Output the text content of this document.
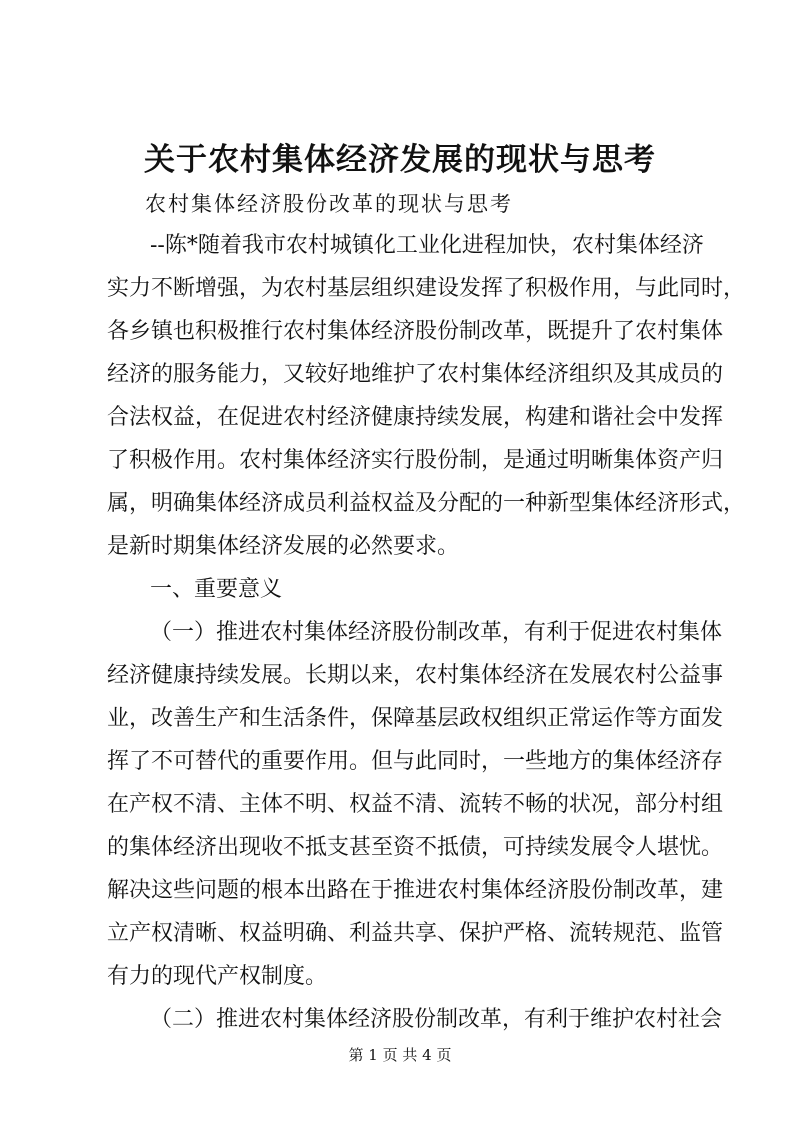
关于农村集体经济发展的现状与思考
农村集体经济股份改革的现状与思考
--陈*随着我市农村城镇化工业化进程加快，农村集体经济
实力不断增强，为农村基层组织建设发挥了积极作用，与此同时，
各乡镇也积极推行农村集体经济股份制改革，既提升了农村集体
经济的服务能力，又较好地维护了农村集体经济组织及其成员的
合法权益，在促进农村经济健康持续发展，构建和谐社会中发挥
了积极作用。农村集体经济实行股份制，是通过明晰集体资产归
属，明确集体经济成员利益权益及分配的一种新型集体经济形式，
是新时期集体经济发展的必然要求。
一、重要意义
（一）推进农村集体经济股份制改革，有利于促进农村集体
经济健康持续发展。长期以来，农村集体经济在发展农村公益事
业，改善生产和生活条件，保障基层政权组织正常运作等方面发
挥了不可替代的重要作用。但与此同时，一些地方的集体经济存
在产权不清、主体不明、权益不清、流转不畅的状况，部分村组
的集体经济出现收不抵支甚至资不抵债，可持续发展令人堪忧。
解决这些问题的根本出路在于推进农村集体经济股份制改革，建
立产权清晰、权益明确、利益共享、保护严格、流转规范、监管
有力的现代产权制度。
（二）推进农村集体经济股份制改革，有利于维护农村社会
第 1 页 共 4 页
